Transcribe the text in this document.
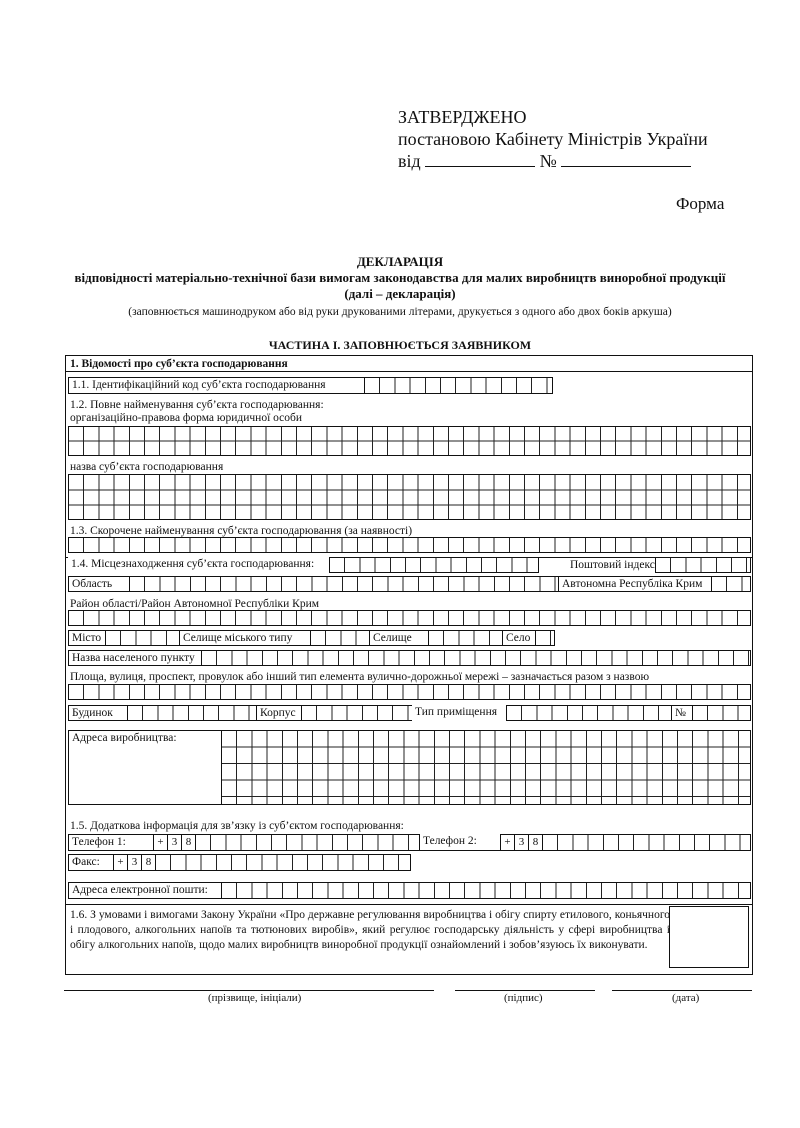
ЗАТВЕРДЖЕНО
постановою Кабінету Міністрів України
від	№
Форма
ДЕКЛАРАЦІЯ
відповідності матеріально-технічної бази вимогам законодавства для малих виробництв виноробної продукції
(далі – декларація)
(заповнюється машинодруком або від руки друкованими літерами, друкується з одного або двох боків аркуша)
ЧАСТИНА І. ЗАПОВНЮЄТЬСЯ ЗАЯВНИКОМ
1. Відомості про суб’єкта господарювання
1.1. Ідентифікаційний код суб’єкта господарювання
1.2. Повне найменування суб’єкта господарювання:
організаційно-правова форма юридичної особи
назва суб’єкта господарювання
1.3. Скорочене найменування суб’єкта господарювання (за наявності)
1.4. Місцезнаходження суб’єкта господарювання:	Поштовий індекс
Область	Автономна Республіка Крим
Район області/Район Автономної Республіки Крим
Місто	Селище міського типу	Селище	Село
Назва населеного пункту
Площа, вулиця, проспект, провулок або інший тип елемента вулично-дорожньої мережі – зазначається разом з назвою
Будинок	Корпус	Тип приміщення	№
Адреса виробництва:
1.5. Додаткова інформація для зв’язку із суб’єктом господарювання:
Телефон 1:	+ 3 8	Телефон 2:	+ 3 8
Факс:	+ 3 8
Адреса електронної пошти:
1.6. З умовами і вимогами Закону України «Про державне регулювання виробництва і обігу спирту етилового, коньячного і плодового, алкогольних напоїв та тютюнових виробів», який регулює господарську діяльність у сфері виробництва і обігу алкогольних напоїв, щодо малих виробництв виноробної продукції ознайомлений і зобов’язуюсь їх виконувати.
(прізвище, ініціали)	(підпис)	(дата)
